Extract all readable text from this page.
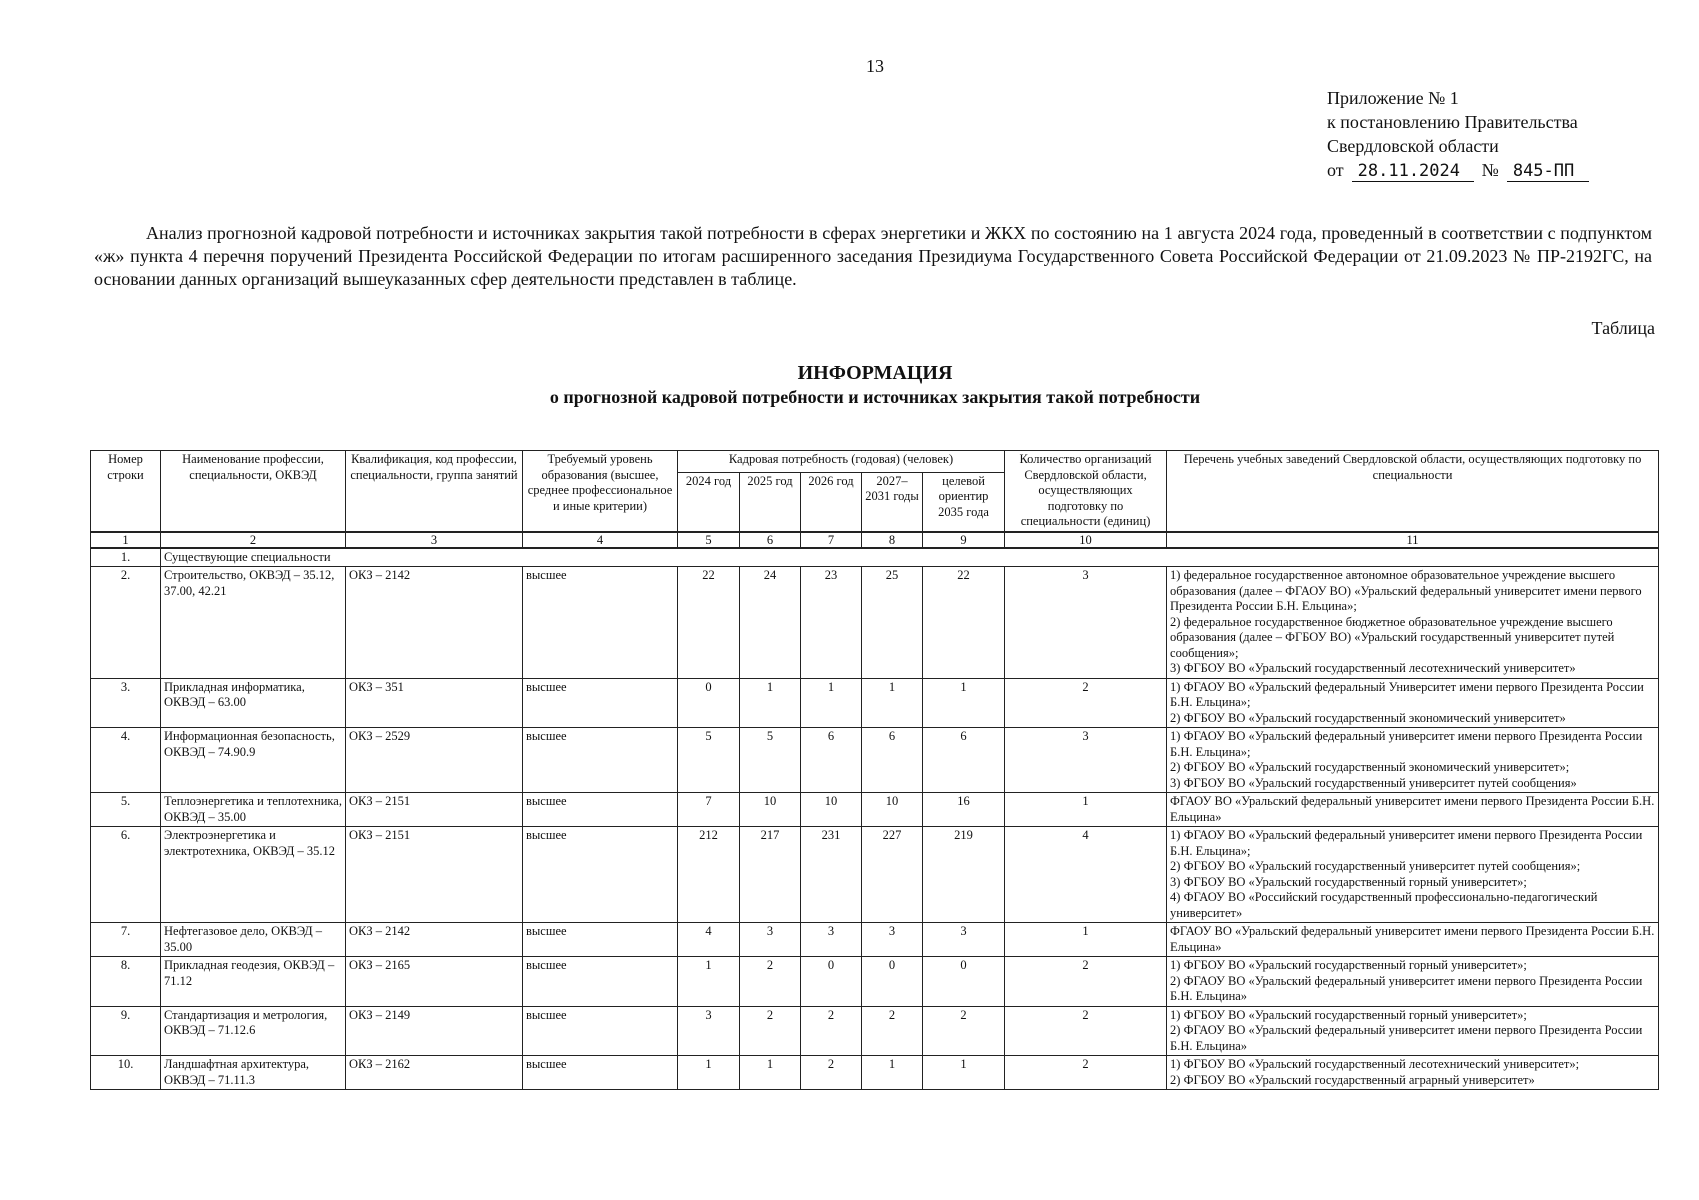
13
Приложение № 1
к постановлению Правительства
Свердловской области
от 28.11.2024	№ 845-ПП
Анализ прогнозной кадровой потребности и источниках закрытия такой потребности в сферах энергетики и ЖКХ по состоянию на 1 августа 2024 года, проведенный в соответствии с подпунктом «ж» пункта 4 перечня поручений Президента Российской Федерации по итогам расширенного заседания Президиума Государственного Совета Российской Федерации от 21.09.2023 № ПР-2192ГС, на основании данных организаций вышеуказанных сфер деятельности представлен в таблице.
Таблица
ИНФОРМАЦИЯ
о прогнозной кадровой потребности и источниках закрытия такой потребности
Номер строки	Наименование профессии, специальности, ОКВЭД	Квалификация, код профессии, специальности, группа занятий	Требуемый уровень образования (высшее, среднее профессиональное и иные критерии)	Кадровая потребность (годовая) (человек)					Количество организаций Свердловской области, осуществляющих подготовку по специальности (единиц)	Перечень учебных заведений Свердловской области, осуществляющих подготовку по специальности
				2024 год	2025 год	2026 год	2027–2031 годы	целевой ориентир 2035 года		
1	2	3	4	5	6	7	8	9	10	11
1.	Существующие специальности									
2.	Строительство, ОКВЭД – 35.12, 37.00, 42.21	ОКЗ – 2142	высшее	22	24	23	25	22	3	1) федеральное государственное автономное образовательное учреждение высшего образования (далее – ФГАОУ ВО) «Уральский федеральный университет имени первого Президента России Б.Н. Ельцина»;
2) федеральное государственное бюджетное образовательное учреждение высшего образования (далее – ФГБОУ ВО) «Уральский государственный университет путей сообщения»;
3) ФГБОУ ВО «Уральский государственный лесотехнический университет»

3.	Прикладная информатика, ОКВЭД – 63.00	ОКЗ – 351	высшее	0	1	1	1	1	2	1) ФГАОУ ВО «Уральский федеральный Университет имени первого Президента России Б.Н. Ельцина»;
2) ФГБОУ ВО «Уральский государственный экономический университет»

4.	Информационная безопасность, ОКВЭД – 74.90.9	ОКЗ – 2529	высшее	5	5	6	6	6	3	1) ФГАОУ ВО «Уральский федеральный университет имени первого Президента России Б.Н. Ельцина»;
2) ФГБОУ ВО «Уральский государственный экономический университет»;
3) ФГБОУ ВО «Уральский государственный университет путей сообщения»

5.	Теплоэнергетика и теплотехника, ОКВЭД – 35.00	ОКЗ – 2151	высшее	7	10	10	10	16	1	ФГАОУ ВО «Уральский федеральный университет имени первого Президента России Б.Н. Ельцина»

6.	Электроэнергетика и электротехника, ОКВЭД – 35.12	ОКЗ – 2151	высшее	212	217	231	227	219	4	1) ФГАОУ ВО «Уральский федеральный университет имени первого Президента России Б.Н. Ельцина»;
2) ФГБОУ ВО «Уральский государственный университет путей сообщения»;
3) ФГБОУ ВО «Уральский государственный горный университет»;
4) ФГАОУ ВО «Российский государственный профессионально-педагогический университет»

7.	Нефтегазовое дело, ОКВЭД – 35.00	ОКЗ – 2142	высшее	4	3	3	3	3	1	ФГАОУ ВО «Уральский федеральный университет имени первого Президента России Б.Н. Ельцина»

8.	Прикладная геодезия, ОКВЭД – 71.12	ОКЗ – 2165	высшее	1	2	0	0	0	2	1) ФГБОУ ВО «Уральский государственный горный университет»;
2) ФГАОУ ВО «Уральский федеральный университет имени первого Президента России Б.Н. Ельцина»

9.	Стандартизация и метрология, ОКВЭД – 71.12.6	ОКЗ – 2149	высшее	3	2	2	2	2	2	1) ФГБОУ ВО «Уральский государственный горный университет»;
2) ФГАОУ ВО «Уральский федеральный университет имени первого Президента России Б.Н. Ельцина»

10.	Ландшафтная архитектура, ОКВЭД – 71.11.3	ОКЗ – 2162	высшее	1	1	2	1	1	2	1) ФГБОУ ВО «Уральский государственный лесотехнический университет»;
2) ФГБОУ ВО «Уральский государственный аграрный университет»
